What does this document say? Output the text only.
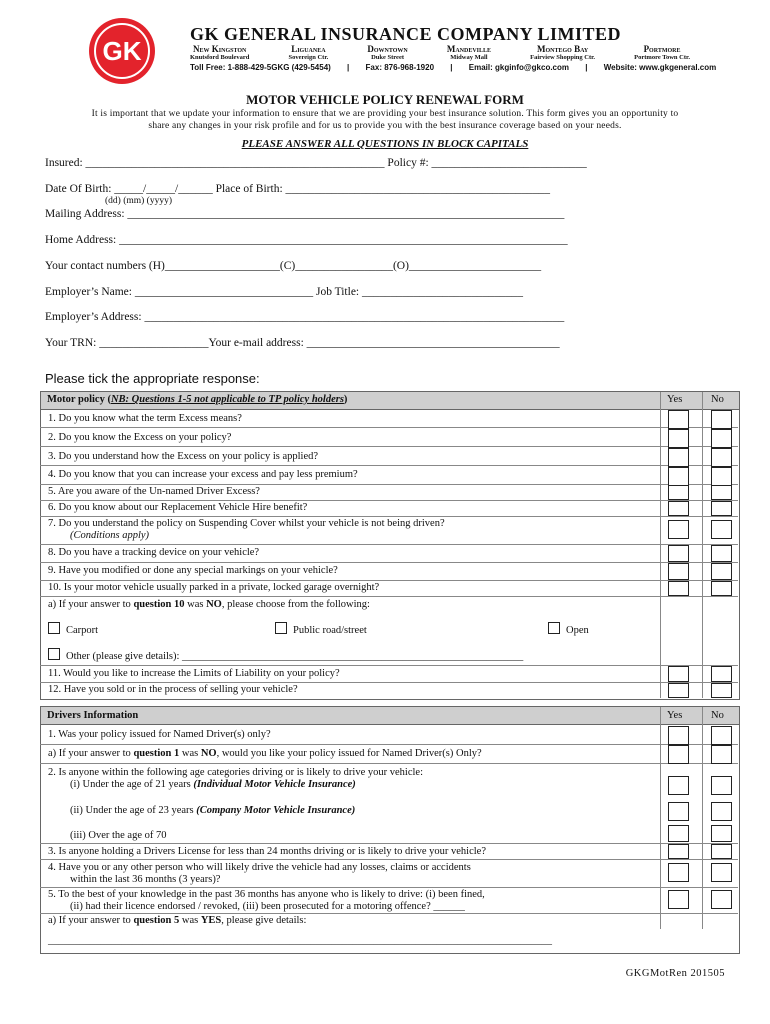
GK
GK GENERAL INSURANCE COMPANY LIMITED
New Kingston
Knutsford Boulevard
Liguanea
Sovereign Ctr.
Downtown
Duke Street
Mandeville
Midway Mall
Montego Bay
Fairview Shopping Ctr.
Portmore
Portmore Town Ctr.
Toll Free: 1-888-429-5GKG (429-5454) | Fax: 876-968-1920 | Email: gkginfo@gkco.com | Website: www.gkgeneral.com
MOTOR VEHICLE POLICY RENEWAL FORM
It is important that we update your information to ensure that we are providing your best insurance solution. This form gives you an opportunity to
share any changes in your risk profile and for us to provide you with the best insurance coverage based on your needs.
PLEASE ANSWER ALL QUESTIONS IN BLOCK CAPITALS
Insured: ____________________________________________________ Policy #: ___________________________
Date Of Birth: _____/_____/______ Place of Birth: ______________________________________________
(dd) (mm) (yyyy)
Mailing Address: ____________________________________________________________________________
Home Address: ______________________________________________________________________________
Your contact numbers (H)____________________(C)_________________(O)_______________________
Employer’s Name: _______________________________ Job Title: ____________________________
Employer’s Address: _________________________________________________________________________
Your TRN: ___________________Your e-mail address: ____________________________________________
Please tick the appropriate response:
Motor policy (NB: Questions 1-5 not applicable to TP policy holders)	Yes	No
1. Do you know what the term Excess means?
2. Do you know the Excess on your policy?
3. Do you understand how the Excess on your policy is applied?
4. Do you know that you can increase your excess and pay less premium?
5. Are you aware of the Un-named Driver Excess?
6. Do you know about our Replacement Vehicle Hire benefit?
7. Do you understand the policy on Suspending Cover whilst your vehicle is not being driven?
(Conditions apply)
8. Do you have a tracking device on your vehicle?
9. Have you modified or done any special markings on your vehicle?
10. Is your motor vehicle usually parked in a private, locked garage overnight?
a) If your answer to question 10 was NO, please choose from the following:
Carport	Public road/street	Open
Other (please give details): _________________________________________________________________
11. Would you like to increase the Limits of Liability on your policy?
12. Have you sold or in the process of selling your vehicle?
Drivers Information	Yes	No
1. Was your policy issued for Named Driver(s) only?
a) If your answer to question 1 was NO, would you like your policy issued for Named Driver(s) Only?
2. Is anyone within the following age categories driving or is likely to drive your vehicle:
(i) Under the age of 21 years (Individual Motor Vehicle Insurance)
(ii) Under the age of 23 years (Company Motor Vehicle Insurance)
(iii) Over the age of 70
3. Is anyone holding a Drivers License for less than 24 months driving or is likely to drive your vehicle?
4. Have you or any other person who will likely drive the vehicle had any losses, claims or accidents
within the last 36 months (3 years)?
5. To the best of your knowledge in the past 36 months has anyone who is likely to drive: (i) been fined,
(ii) had their licence endorsed / revoked, (iii) been prosecuted for a motoring offence? ______
a) If your answer to question 5 was YES, please give details:
________________________________________________________________________________________________
GKGMotRen 201505
